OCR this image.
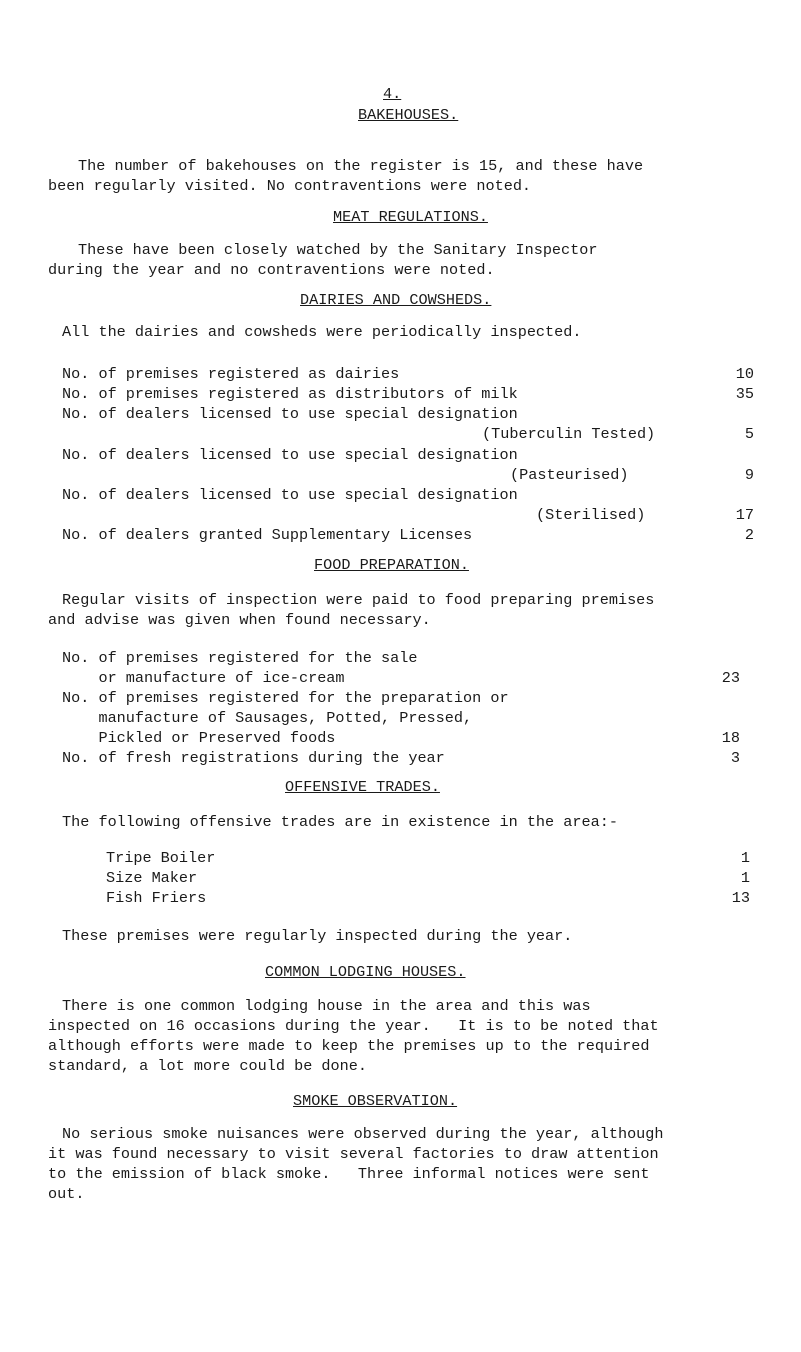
4.
BAKEHOUSES.
The number of bakehouses on the register is 15, and these have
been regularly visited. No contraventions were noted.
MEAT REGULATIONS.
These have been closely watched by the Sanitary Inspector
during the year and no contraventions were noted.
DAIRIES AND COWSHEDS.
All the dairies and cowsheds were periodically inspected.
No. of premises registered as dairies	10
No. of premises registered as distributors of milk	35
No. of dealers licensed to use special designation
(Tuberculin Tested)	5
No. of dealers licensed to use special designation
(Pasteurised)	9
No. of dealers licensed to use special designation
(Sterilised)	17
No. of dealers granted Supplementary Licenses	2
FOOD PREPARATION.
Regular visits of inspection were paid to food preparing premises
and advise was given when found necessary.
No. of premises registered for the sale
or manufacture of ice-cream	23
No. of premises registered for the preparation or
manufacture of Sausages, Potted, Pressed,
Pickled or Preserved foods	18
No. of fresh registrations during the year	3
OFFENSIVE TRADES.
The following offensive trades are in existence in the area:-
Tripe Boiler	1
Size Maker	1
Fish Friers	13
These premises were regularly inspected during the year.
COMMON LODGING HOUSES.
There is one common lodging house in the area and this was
inspected on 16 occasions during the year.   It is to be noted that
although efforts were made to keep the premises up to the required
standard, a lot more could be done.
SMOKE OBSERVATION.
No serious smoke nuisances were observed during the year, although
it was found necessary to visit several factories to draw attention
to the emission of black smoke.   Three informal notices were sent
out.
